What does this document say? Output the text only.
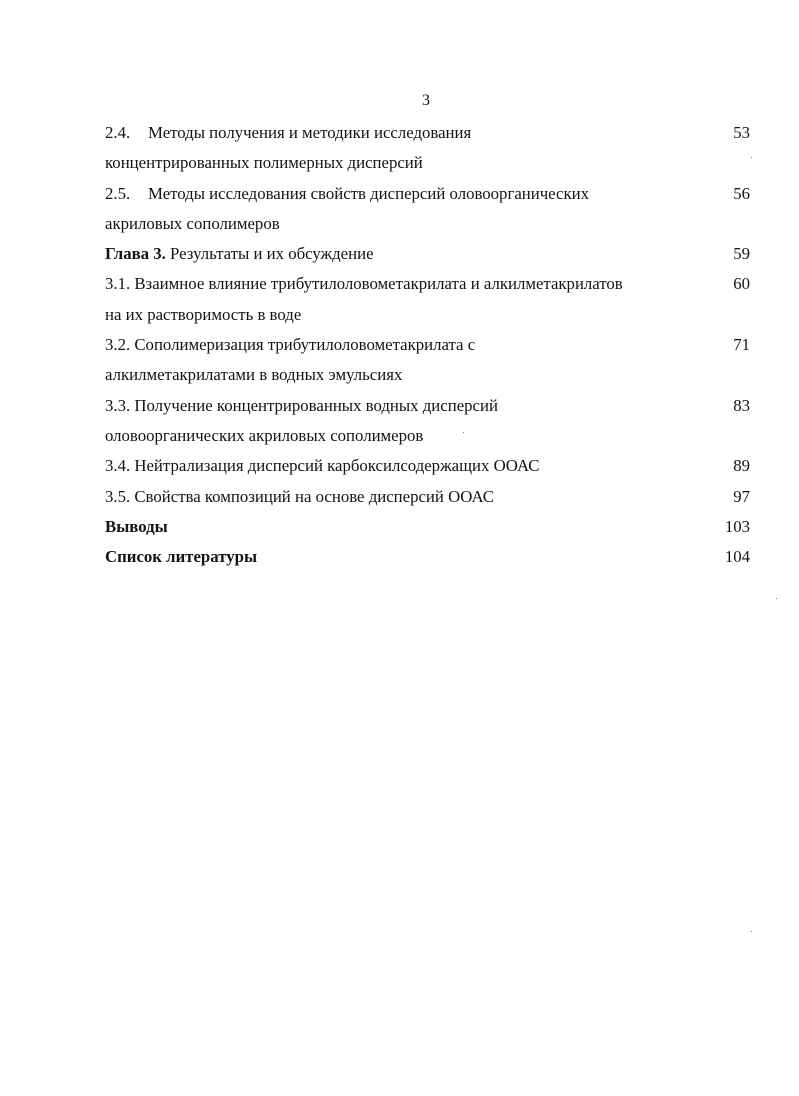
3
2.4. Методы получения и методики исследования	53
концентрированных полимерных дисперсий
2.5. Методы исследования свойств дисперсий оловоорганических	56
акриловых сополимеров
Глава 3. Результаты и их обсуждение	59
3.1. Взаимное влияние трибутилоловометакрилата и алкилметакрилатов	60
на их растворимость в воде
3.2. Сополимеризация трибутилоловометакрилата с	71
алкилметакрилатами в водных эмульсиях
3.3. Получение концентрированных водных дисперсий	83
оловоорганических акриловых сополимеров
3.4. Нейтрализация дисперсий карбоксилсодержащих ООАС	89
3.5. Свойства композиций на основе дисперсий ООАС	97
Выводы	103
Список литературы	104
